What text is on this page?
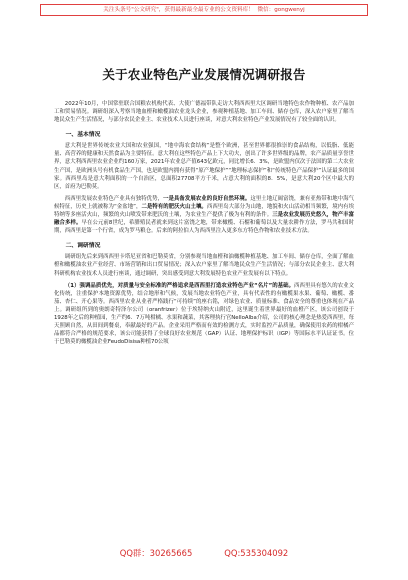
关注头条号"公文研究"，获得最新最全最专业的公文资料库！ 微信：gongwenyj
关于农业特色产业发展情况调研报告

2022年10月，中国常驻联合国粮农机构代表、大使广德福带队走访大利西西里大区调研当地特色农作物种植、农产品加工和贸易情况。调研组深入考察当地血橙和橄榄油农业龙头企业，参观种植基地、加工车间、储存仓库，深入农户家里了解当地民众生产生活情况，与部分农民企业主、农业技术人员进行座谈，对意大利农业特色产业发展情况有了较全面的认识。

一、基本情况

意大利是世界传统农业大国和农业强国，“地中海农食结构”是整个欧洲，甚至世界都很推崇的食品结构，以低脂、低能量、高营养的健康和天然食品为主要特征。意大利在这些特色产品上下大功夫，创出了许多世界级的品牌，农产品质量享誉世界，意大利西西里农业企业约160万家，2021年农业总产值643亿欧元，同比增长6．3%，是欧盟内仅次于法国的第二大农业生产国，是欧洲头号有机食品生产国，也是欧盟内拥有获得“原产地保护”“地理标志保护”和“传统特色产品保护”认证最多的国家。西西里岛是意大利面积的一个自治区，总面积27708平方千米，占意大利的面积的8．5%，是意大利20个区中最大的区，首府为巴勒莫。

西西里发展农业特色产业具有独特优势，一是具备发展农业的良好自然环境。这里土地辽阔富饶，兼有亚热带和地中海气候特征，历史上就被称为“金盆地”，二是特有的肥沃火山土壤。西西里岛大部分为山地，地貌和火山活动相当频繁，境内有埃特纳等多座活火山，频繁的火山喷发带来肥沃的土壤，为农业生产提供了极为有利的条件。三是农业发展历史悠久，物产丰富融合多样。早在公元前8世纪，希腊殖民者就来到这片富饶之地，带来橄榄、石榴和葡萄以及大量农耕作方法，罗马共和国时期，西西里是第一个行省，成为罗马粮仓。后来的阿拉伯人为西西里注入更多东方特色作物和农业技术方法。

二、调研情况

调研组先后来到西西里卡塔尼亚省和巴勒莫省，分别参观当地血橙和油橄榄种植基地、加工车间、储存仓库，全面了解血橙和橄榄油农业产业经营、市场营销和出口贸易情况；深入农户家里了解当地民众生产生活情况；与部分农民企业主、意大利科研机构农业技术人员进行座谈，通过调研，突出感受到意大利发展特色农业产业发展有以下特点。

（1）强调品质优先，对质量与安全标准的严格追求是西西里打造农业特色产业“名片”的基础。西西里具有悠久的农业文化传统，注重保护本地资源优势，结合地形和气候，发展当地农业特色产业，具有代表性的有橄榄果水果、葡萄、橄榄、番茄、杏仁、开心果等。西西里农业从业者严格践行“可持续”的座右铭，对绿色农业、质量标准、食品安全的尊重也体现在产品上。调研组所到的奥朗奇特泽尔公司（oranfrizer）位于埃特纳火山附近，这里诞生着世界最好的血橙产区，该公司创设于1928年之后的种植园，生产约6．7万吨柑橘、水果和蔬菜，其客理执行官NelloAlba介绍，公司的核心理念是热爱西西里，每天照顾自然，从田间到餐桌，奉献最好的产品。企业采用严格而有效的检测方式，实时监控产品质量，确保使用农药的柑橘产品都符合严格的规范要求，该公司能获得了全球良好农业规范（GAP）认证、地理保护标识（IGP）等国际水平认证证书。位于巴勒莫的橄榄油企业FeudoDisisa种植70公顷

QQ群：30265665	QQ:535304092
